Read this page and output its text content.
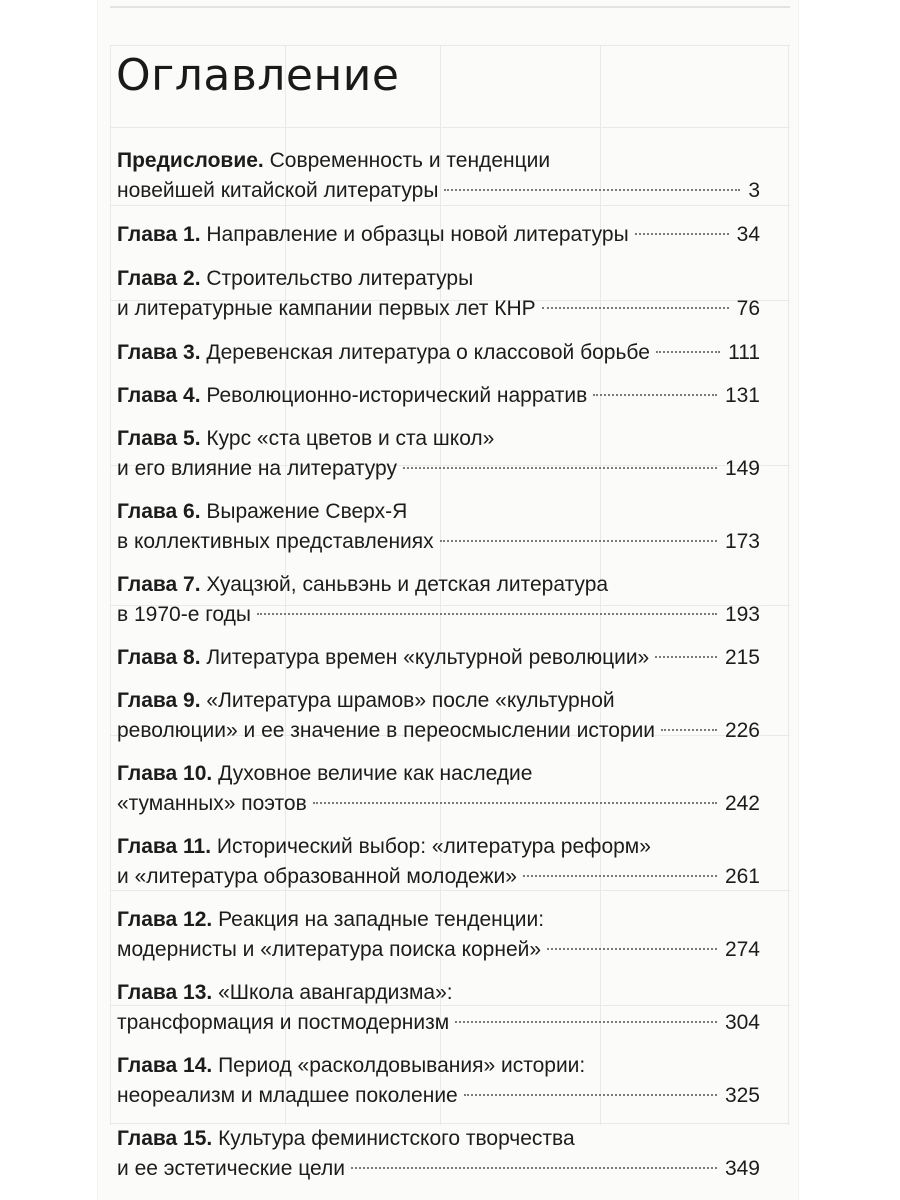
Оглавление
Предисловие. Современность и тенденции
новейшей китайской литературы	3
Глава 1. Направление и образцы новой литературы	34
Глава 2. Строительство литературы
и литературные кампании первых лет КНР	76
Глава 3. Деревенская литература о классовой борьбе	111
Глава 4. Революционно-исторический нарратив	131
Глава 5. Курс «ста цветов и ста школ»
и его влияние на литературу	149
Глава 6. Выражение Сверх-Я
в коллективных представлениях	173
Глава 7. Хуацзюй, саньвэнь и детская литература
в 1970-е годы	193
Глава 8. Литература времен «культурной революции»	215
Глава 9. «Литература шрамов» после «культурной
революции» и ее значение в переосмыслении истории	226
Глава 10. Духовное величие как наследие
«туманных» поэтов	242
Глава 11. Исторический выбор: «литература реформ»
и «литература образованной молодежи»	261
Глава 12. Реакция на западные тенденции:
модернисты и «литература поиска корней»	274
Глава 13. «Школа авангардизма»:
трансформация и постмодернизм	304
Глава 14. Период «расколдовывания» истории:
неореализм и младшее поколение	325
Глава 15. Культура феминистского творчества
и ее эстетические цели	349
